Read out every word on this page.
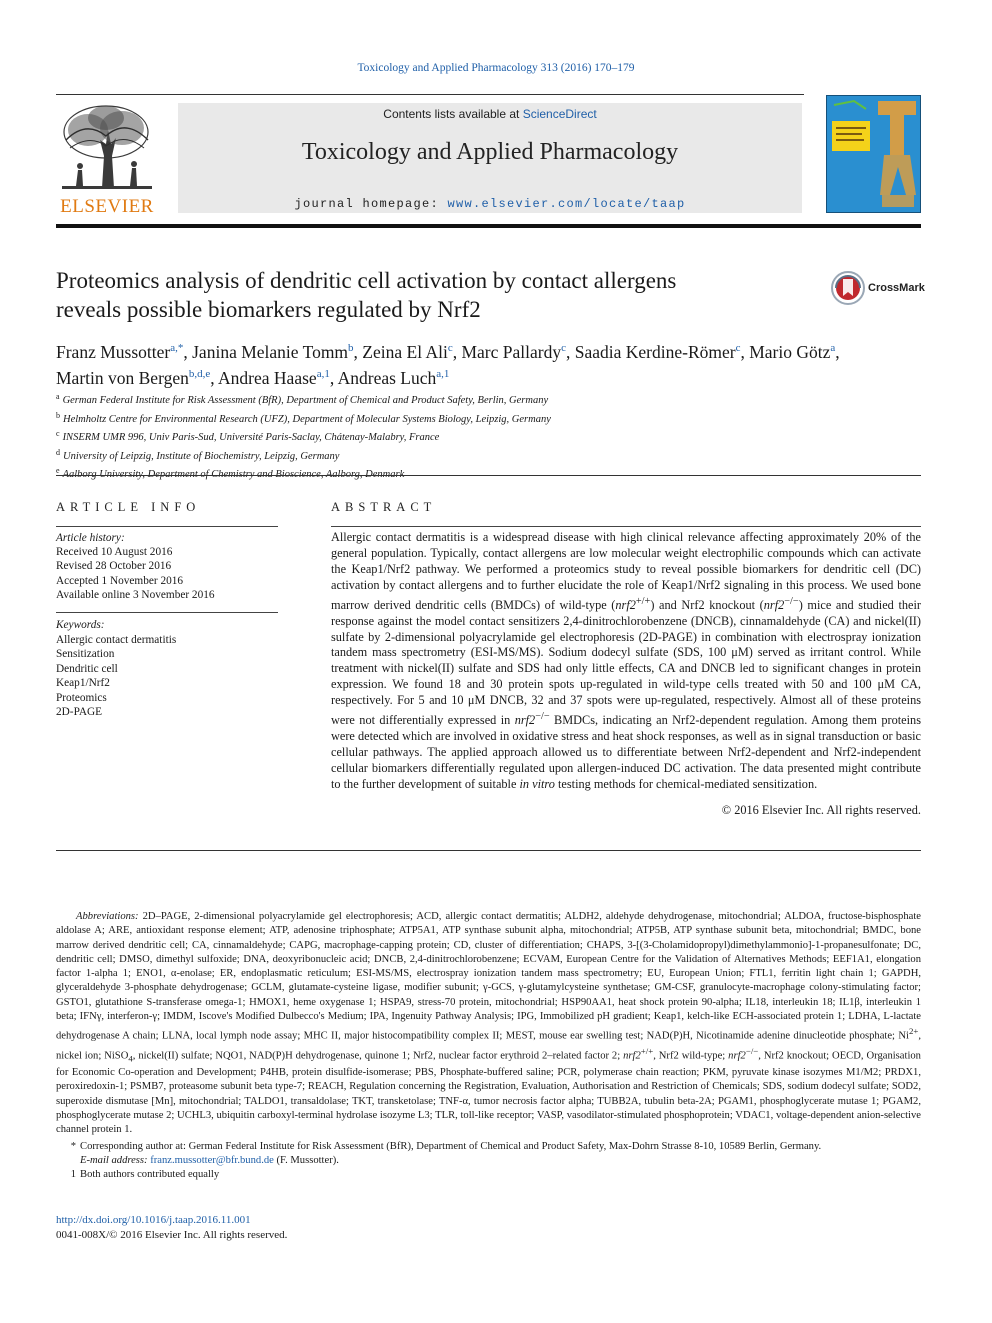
Toxicology and Applied Pharmacology 313 (2016) 170–179
ELSEVIER
Contents lists available at ScienceDirect
Toxicology and Applied Pharmacology
journal homepage: www.elsevier.com/locate/taap
Proteomics analysis of dendritic cell activation by contact allergens
reveals possible biomarkers regulated by Nrf2
CrossMark
Franz Mussotter$^{a,*}$, Janina Melanie Tomm$^b$, Zeina El Ali$^c$, Marc Pallardy$^c$, Saadia Kerdine-Römer$^c$, Mario Götz$^a$,
Martin von Bergen$^{b,d,e}$, Andrea Haase$^{a,1}$, Andreas Luch$^{a,1}$
$^a$ German Federal Institute for Risk Assessment (BfR), Department of Chemical and Product Safety, Berlin, Germany
$^b$ Helmholtz Centre for Environmental Research (UFZ), Department of Molecular Systems Biology, Leipzig, Germany
$^c$ INSERM UMR 996, Univ Paris-Sud, Université Paris-Saclay, Chátenay-Malabry, France
$^d$ University of Leipzig, Institute of Biochemistry, Leipzig, Germany
$^e$
ARTICLE INFO
Article history:
Received 10 August 2016
Revised 28 October 2016
Accepted 1 November 2016
Available online 3 November 2016
Keywords:
Allergic contact dermatitis
Sensitization
Dendritic cell
Keap1/Nrf2
Proteomics
2D-PAGE
ABSTRACT

Allergic contact dermatitis is a widespread disease with high clinical relevance affecting approximately 20% of the general population. Typically, contact allergens are low molecular weight electrophilic compounds which can activate the Keap1/Nrf2 pathway. We performed a proteomics study to reveal possible biomarkers for dendritic cell (DC) activation by contact allergens and to further elucidate the role of Keap1/Nrf2 signaling in this process. We used bone marrow derived dendritic cells (BMDCs) of wild-type (nrf2+/+) and Nrf2 knockout (nrf2−/−) mice and studied their response against the model contact sensitizers 2,4-dinitrochlorobenzene (DNCB), cinnamaldehyde (CA) and nickel(II) sulfate by 2-dimensional polyacrylamide gel electrophoresis (2D-PAGE) in combination with electrospray ionization tandem mass spectrometry (ESI-MS/MS). Sodium dodecyl sulfate (SDS, 100 μM) served as irritant control. While treatment with nickel(II) sulfate and SDS had only little effects, CA and DNCB led to significant changes in protein expression. We found 18 and 30 protein spots up-regulated in wild-type cells treated with 50 and 100 μM CA, respectively. For 5 and 10 μM DNCB, 32 and 37 spots were up-regulated, respectively. Almost all of these proteins were not differentially expressed in nrf2−/− BMDCs, indicating an Nrf2-dependent regulation. Among them proteins were detected which are involved in oxidative stress and heat shock responses, as well as in signal transduction or basic cellular pathways. The applied approach allowed us to differentiate between Nrf2-dependent and Nrf2-independent cellular biomarkers differentially regulated upon allergen-induced DC activation. The data presented might contribute to the further development of suitable in vitro testing methods for chemical-mediated sensitization.

© 2016 Elsevier Inc. All rights reserved.

Abbreviations: 2D–PAGE, 2-dimensional polyacrylamide gel electrophoresis; ACD, allergic contact dermatitis; ALDH2, aldehyde dehydrogenase, mitochondrial; ALDOA, fructose-bisphosphate aldolase A; ARE, antioxidant response element; ATP, adenosine triphosphate; ATP5A1, ATP synthase subunit alpha, mitochondrial; ATP5B, ATP synthase subunit beta, mitochondrial; BMDC, bone marrow derived dendritic cell; CA, cinnamaldehyde; CAPG, macrophage-capping protein; CD, cluster of differentiation; CHAPS, 3-[(3-Cholamidopropyl)dimethylammonio]-1-propanesulfonate; DC, dendritic cell; DMSO, dimethyl sulfoxide; DNA, deoxyribonucleic acid; DNCB, 2,4-dinitrochlorobenzene; ECVAM, European Centre for the Validation of Alternatives Methods; EEF1A1, elongation factor 1-alpha 1; ENO1, α-enolase; ER, endoplasmatic reticulum; ESI-MS/MS, electrospray ionization tandem mass spectrometry; EU, European Union; FTL1, ferritin light chain 1; GAPDH, glyceraldehyde 3-phosphate dehydrogenase; GCLM, glutamate-cysteine ligase, modifier subunit; γ-GCS, γ-glutamylcysteine synthetase; GM-CSF, granulocyte-macrophage colony-stimulating factor; GSTO1, glutathione S-transferase omega-1; HMOX1, heme oxygenase 1; HSPA9, stress-70 protein, mitochondrial; HSP90AA1, heat shock protein 90-alpha; IL18, interleukin 18; IL1β, interleukin 1 beta; IFNγ, interferon-γ; IMDM, Iscove's Modified Dulbecco's Medium; IPA, Ingenuity Pathway Analysis; IPG, Immobilized pH gradient; Keap1, kelch-like ECH-associated protein 1; LDHA, L-lactate dehydrogenase A chain; LLNA, local lymph node assay; MHC II, major histocompatibility complex II; MEST, mouse ear swelling test; NAD(P)H, Nicotinamide adenine dinucleotide phosphate; $Ni^{2+}$, nickel ion; NiSO$_4$, nickel(II) sulfate; NQO1, NAD(P)H dehydrogenase, quinone 1; Nrf2, nuclear factor erythroid 2–related factor 2; nrf2+/+, Nrf2 wild-type; nrf2−/−, Nrf2 knockout; OECD, Organisation for Economic Co-operation and Development; P4HB, protein disulfide-isomerase; PBS, Phosphate-buffered saline; PCR, polymerase chain reaction; PKM, pyruvate kinase isozymes M1/M2; PRDX1, peroxiredoxin-1; PSMB7, proteasome subunit beta type-7; REACH, Regulation concerning the Registration, Evaluation, Authorisation and Restriction of Chemicals; SDS, sodium dodecyl sulfate; SOD2, superoxide dismutase [Mn], mitochondrial; TALDO1, transaldolase; TKT, transketolase; TNF-α, tumor necrosis factor alpha; TUBB2A, tubulin beta-2A; PGAM1, phosphoglycerate mutase 1; PGAM2, phosphoglycerate mutase 2; UCHL3, ubiquitin carboxyl-terminal hydrolase isozyme L3; TLR, toll-like receptor; VASP, vasodilator-stimulated phosphoprotein; VDAC1, voltage-dependent anion-selective channel protein 1.

* Corresponding author at: German Federal Institute for Risk Assessment (BfR), Department of Chemical and Product Safety, Max-Dohrn Strasse 8-10, 10589 Berlin, Germany.
E-mail address: franz.mussotter@bfr.bund.de (F. Mussotter).
1 Both authors contributed equally
http://dx.doi.org/10.1016/j.taap.2016.11.001
0041-008X/© 2016 Elsevier Inc. All rights reserved.
